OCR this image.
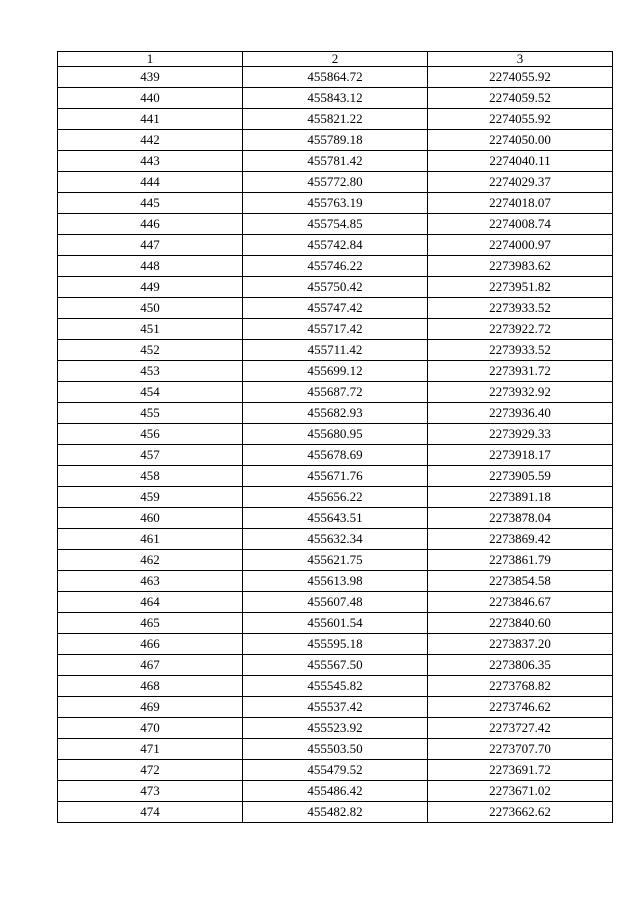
1	2	3
439	455864.72	2274055.92
440	455843.12	2274059.52
441	455821.22	2274055.92
442	455789.18	2274050.00
443	455781.42	2274040.11
444	455772.80	2274029.37
445	455763.19	2274018.07
446	455754.85	2274008.74
447	455742.84	2274000.97
448	455746.22	2273983.62
449	455750.42	2273951.82
450	455747.42	2273933.52
451	455717.42	2273922.72
452	455711.42	2273933.52
453	455699.12	2273931.72
454	455687.72	2273932.92
455	455682.93	2273936.40
456	455680.95	2273929.33
457	455678.69	2273918.17
458	455671.76	2273905.59
459	455656.22	2273891.18
460	455643.51	2273878.04
461	455632.34	2273869.42
462	455621.75	2273861.79
463	455613.98	2273854.58
464	455607.48	2273846.67
465	455601.54	2273840.60
466	455595.18	2273837.20
467	455567.50	2273806.35
468	455545.82	2273768.82
469	455537.42	2273746.62
470	455523.92	2273727.42
471	455503.50	2273707.70
472	455479.52	2273691.72
473	455486.42	2273671.02
474	455482.82	2273662.62
